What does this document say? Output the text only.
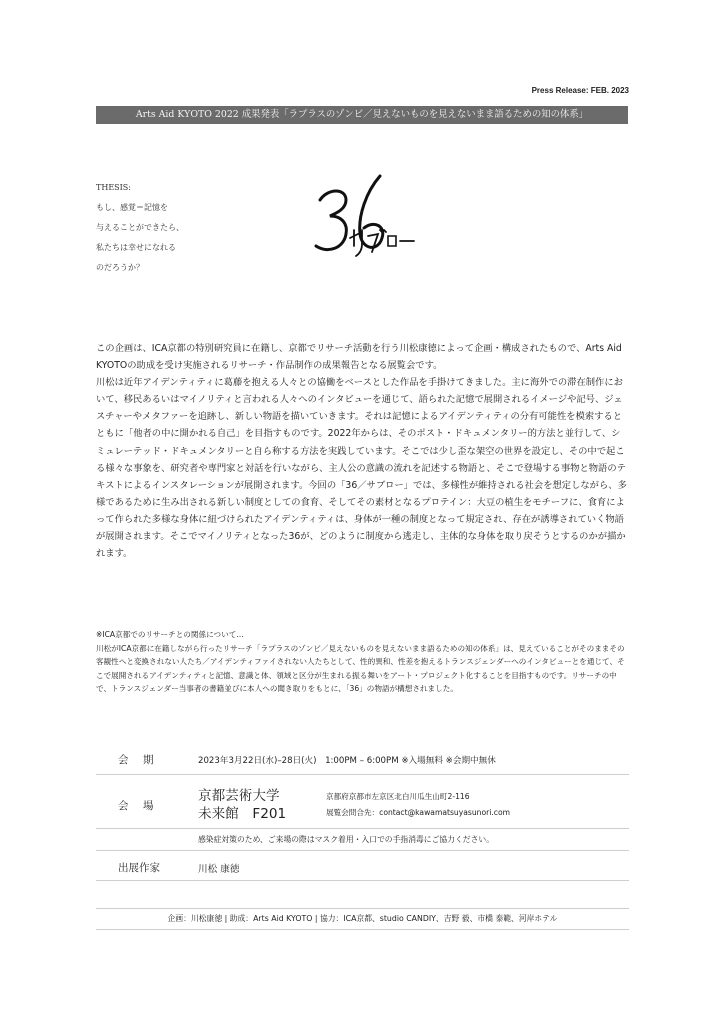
Press Release: FEB. 2023
Arts Aid KYOTO 2022 成果発表「ラプラスのゾンビ／見えないものを見えないまま語るための知の体系」
THESIS:
もし、感覚＝記憶を
与えることができたら、
私たちは幸せになれる
のだろうか？

この企画は、ICA京都の特別研究員に在籍し、京都でリサーチ活動を行う川松康徳によって企画・構成されたもので、Arts Aid KYOTOの助成を受け実施されるリサーチ・作品制作の成果報告となる展覧会です。

川松は近年アイデンティティに葛藤を抱える人々との協働をベースとした作品を手掛けてきました。主に海外での滞在制作において、移民あるいはマイノリティと言われる人々へのインタビューを通じて、語られた記憶で展開されるイメージや記号、ジェスチャーやメタファーを追跡し、新しい物語を描いていきます。それは記憶によるアイデンティティの分有可能性を模索するとともに「他者の中に開かれる自己」を目指すものです。2022年からは、そのポスト・ドキュメンタリー的方法と並行して、シミュレーテッド・ドキュメンタリーと自ら称する方法を実践しています。そこでは少し歪な架空の世界を設定し、その中で起こる様々な事象を、研究者や専門家と対話を行いながら、主人公の意識の流れを記述する物語と、そこで登場する事物と物語のテキストによるインスタレーションが展開されます。今回の「36／サブロー」では、多様性が維持される社会を想定しながら、多様であるために生み出される新しい制度としての食育、そしてその素材となるプロテイン：大豆の植生をモチーフに、食育によって作られた多様な身体に紐づけられたアイデンティティは、身体が一種の制度となって規定され、存在が誘導されていく物語が展開されます。そこでマイノリティとなった36が、どのように制度から逃走し、主体的な身体を取り戻そうとするのかが描かれます。

※ICA京都でのリサーチとの関係について…

川松がICA京都に在籍しながら行ったリサーチ「ラプラスのゾンビ／見えないものを見えないまま語るための知の体系」は、見えていることがそのままその客観性へと変換されない人たち／アイデンティファイされない人たちとして、性的異和、性差を抱えるトランスジェンダーへのインタビューとを通じて、そこで展開されるアイデンティティと記憶、意識と体、領域と区分が生まれる振る舞いをアート・プロジェクト化することを目指すものです。リサーチの中で、トランスジェンダー当事者の書籍並びに本人への聞き取りをもとに、「36」の物語が構想されました。

会　期	2023年3月22日(水)–28日(火)　1:00PM – 6:00PM ※入場無料 ※会期中無休
会　場
京都芸術大学
未来館　F201
京都府京都市左京区北白川瓜生山町2-116
展覧会問合先：contact@kawamatsuyasunori.com
感染症対策のため、ご来場の際はマスク着用・入口での手指消毒にご協力ください。
出展作家	川松 康徳
企画：川松康徳 | 助成：Arts Aid KYOTO | 協力：ICA京都、studio CANDIY、吉野 毅、市橋 泰範、河岸ホテル
